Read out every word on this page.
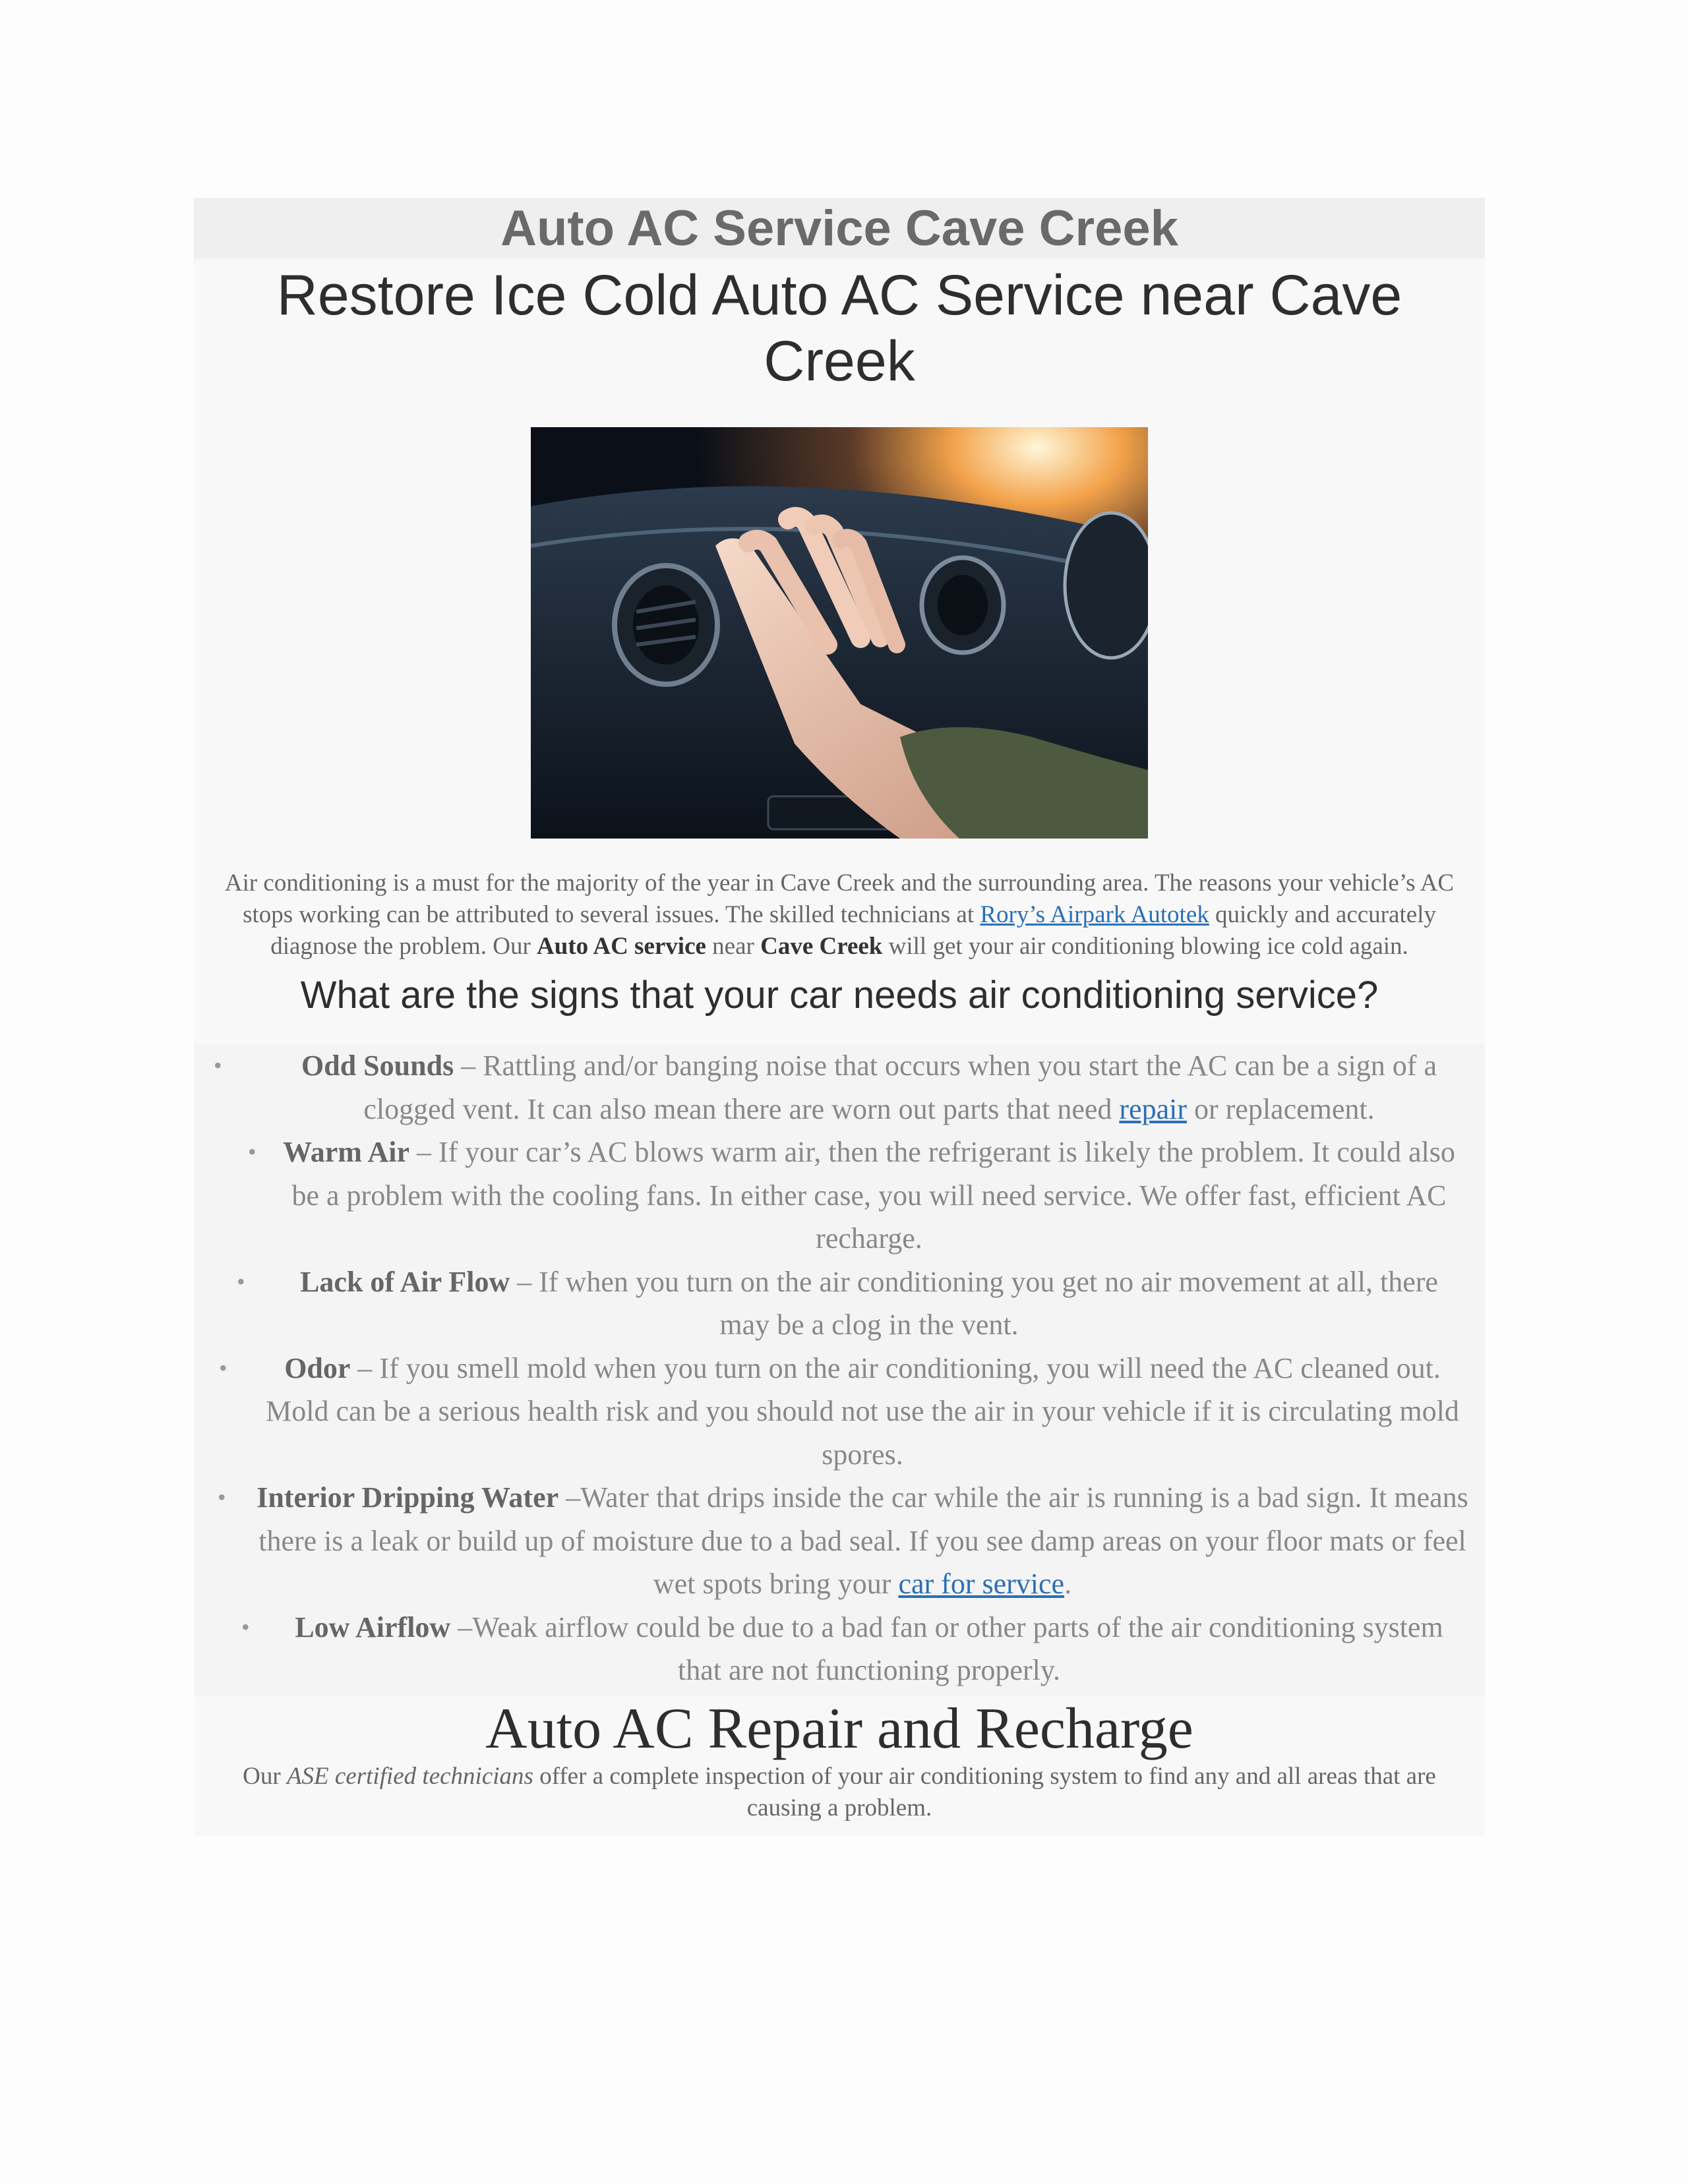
Auto AC Service Cave Creek
Restore Ice Cold Auto AC Service near Cave Creek

Air conditioning is a must for the majority of the year in Cave Creek and the surrounding area. The reasons your vehicle’s AC stops working can be attributed to several issues. The skilled technicians at Rory’s Airpark Autotek quickly and accurately diagnose the problem. Our Auto AC service near Cave Creek will get your air conditioning blowing ice cold again.

What are the signs that your car needs air conditioning service?
•	Odd Sounds – Rattling and/or banging noise that occurs when you start the AC can be a sign of a clogged vent. It can also mean there are worn out parts that need repair or replacement.
• Warm Air – If your car’s AC blows warm air, then the refrigerant is likely the problem. It could also be a problem with the cooling fans. In either case, you will need service. We offer fast, efficient AC recharge.
• Lack of Air Flow – If when you turn on the air conditioning you get no air movement at all, there may be a clog in the vent.
• Odor – If you smell mold when you turn on the air conditioning, you will need the AC cleaned out. Mold can be a serious health risk and you should not use the air in your vehicle if it is circulating mold spores.
• Interior Dripping Water –Water that drips inside the car while the air is running is a bad sign. It means there is a leak or build up of moisture due to a bad seal. If you see damp areas on your floor mats or feel wet spots bring your car for service.
• Low Airflow –Weak airflow could be due to a bad fan or other parts of the air conditioning system that are not functioning properly.
Auto AC Repair and Recharge

Our ASE certified technicians offer a complete inspection of your air conditioning system to find any and all areas that are causing a problem.
